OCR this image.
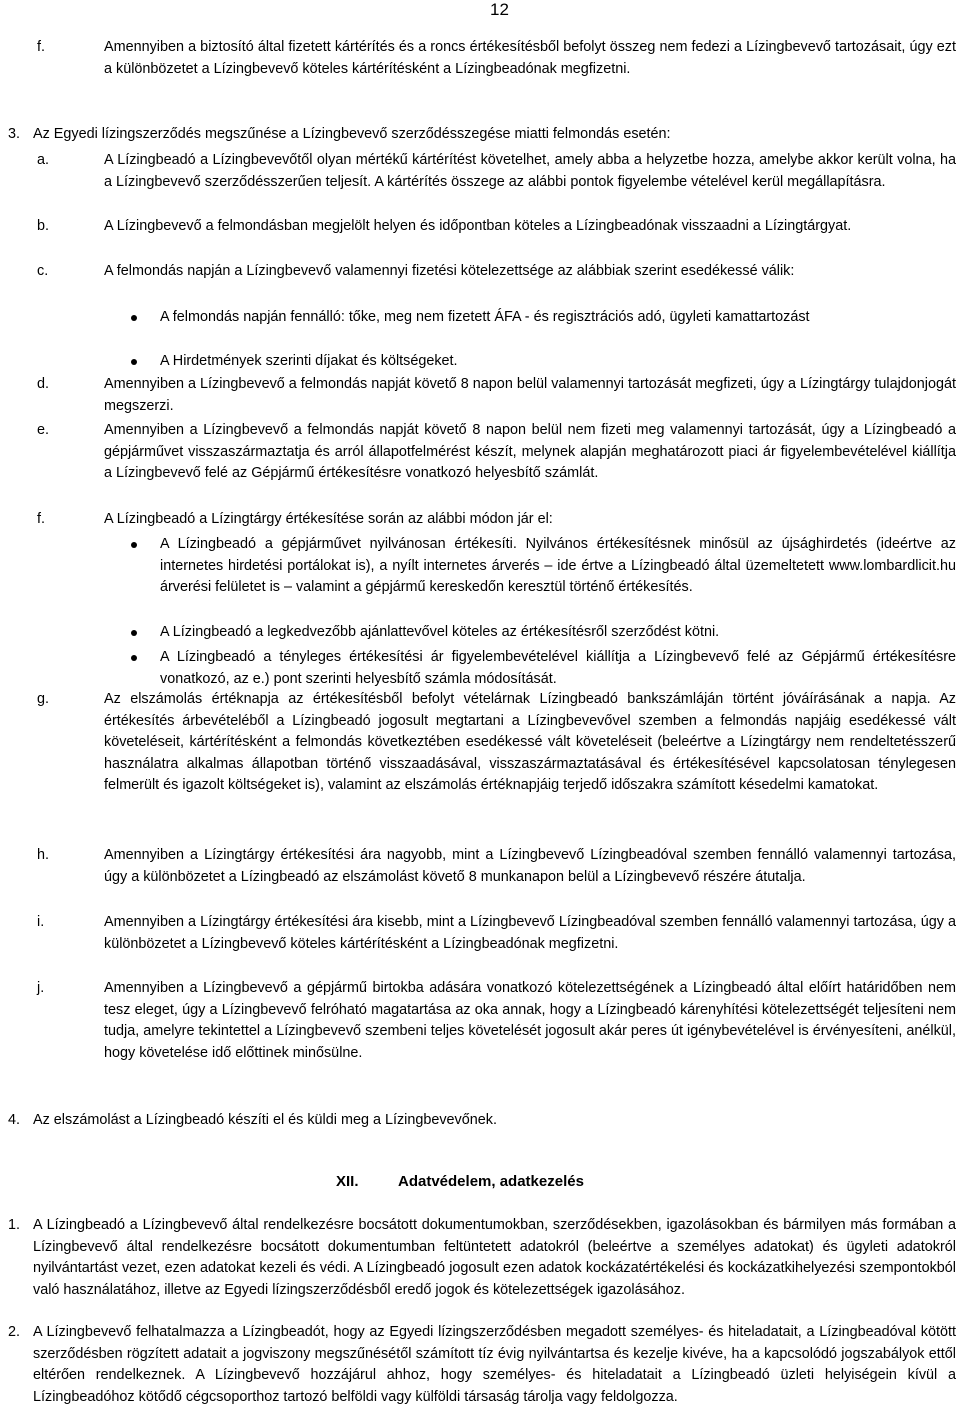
12
f.	Amennyiben a biztosító által fizetett kártérítés és a roncs értékesítésből befolyt összeg nem fedezi a Lízingbevevő tartozásait, úgy ezt a különbözetet a Lízingbevevő köteles kártérítésként a Lízingbeadónak megfizetni.
3. Az Egyedi lízingszerződés megszűnése a Lízingbevevő szerződésszegése miatti felmondás esetén:
a.	A Lízingbeadó a Lízingbevevőtől olyan mértékű kártérítést követelhet, amely abba a helyzetbe hozza, amelybe akkor került volna, ha a Lízingbevevő szerződésszerűen teljesít. A kártérítés összege az alábbi pontok figyelembe vételével kerül megállapításra.
b.	A Lízingbevevő a felmondásban megjelölt helyen és időpontban köteles a Lízingbeadónak visszaadni a Lízingtárgyat.
c.	A felmondás napján a Lízingbevevő valamennyi fizetési kötelezettsége az alábbiak szerint esedékessé válik:
A felmondás napján fennálló: tőke, meg nem fizetett ÁFA - és regisztrációs adó, ügyleti kamattartozást
A Hirdetmények szerinti díjakat és költségeket.
d.	Amennyiben a Lízingbevevő a felmondás napját követő 8 napon belül valamennyi tartozását megfizeti, úgy a Lízingtárgy tulajdonjogát megszerzi.
e.	Amennyiben a Lízingbevevő a felmondás napját követő 8 napon belül nem fizeti meg valamennyi tartozását, úgy a Lízingbeadó a gépjárművet visszaszármaztatja és arról állapotfelmérést készít, melynek alapján meghatározott piaci ár figyelembevételével kiállítja a Lízingbevevő felé az Gépjármű értékesítésre vonatkozó helyesbítő számlát.
f.	A Lízingbeadó a Lízingtárgy értékesítése során az alábbi módon jár el:
A Lízingbeadó a gépjárművet nyilvánosan értékesíti. Nyilvános értékesítésnek minősül az újsághirdetés (ideértve az internetes hirdetési portálokat is), a nyílt internetes árverés – ide értve a Lízingbeadó által üzemeltetett www.lombardlicit.hu árverési felületet is – valamint a gépjármű kereskedőn keresztül történő értékesítés.
A Lízingbeadó a legkedvezőbb ajánlattevővel köteles az értékesítésről szerződést kötni.
A Lízingbeadó a tényleges értékesítési ár figyelembevételével kiállítja a Lízingbevevő felé az Gépjármű értékesítésre vonatkozó, az e.) pont szerinti helyesbítő számla módosítását.
g.	Az elszámolás értéknapja az értékesítésből befolyt vételárnak Lízingbeadó bankszámláján történt jóváírásának a napja. Az értékesítés árbevételéből a Lízingbeadó jogosult megtartani a Lízingbevevővel szemben a felmondás napjáig esedékessé vált követeléseit, kártérítésként a felmondás következtében esedékessé vált követeléseit (beleértve a Lízingtárgy nem rendeltetésszerű használatra alkalmas állapotban történő visszaadásával, visszaszármaztatásával és értékesítésével kapcsolatosan ténylegesen felmerült és igazolt költségeket is), valamint az elszámolás értéknapjáig terjedő időszakra számított késedelmi kamatokat.
h.	Amennyiben a Lízingtárgy értékesítési ára nagyobb, mint a Lízingbevevő Lízingbeadóval szemben fennálló valamennyi tartozása, úgy a különbözetet a Lízingbeadó az elszámolást követő 8 munkanapon belül a Lízingbevevő részére átutalja.
i.	Amennyiben a Lízingtárgy értékesítési ára kisebb, mint a Lízingbevevő Lízingbeadóval szemben fennálló valamennyi tartozása, úgy a különbözetet a Lízingbevevő köteles kártérítésként a Lízingbeadónak megfizetni.
j.	Amennyiben a Lízingbevevő a gépjármű birtokba adására vonatkozó kötelezettségének a Lízingbeadó által előírt határidőben nem tesz eleget, úgy a Lízingbevevő felróható magatartása az oka annak, hogy a Lízingbeadó kárenyhítési kötelezettségét teljesíteni nem tudja, amelyre tekintettel a Lízingbevevő szembeni teljes követelését jogosult akár peres út igénybevételével is érvényesíteni, anélkül, hogy követelése idő előttinek minősülne.
4. Az elszámolást a Lízingbeadó készíti el és küldi meg a Lízingbevevőnek.
XII.	Adatvédelem, adatkezelés
1. A Lízingbeadó a Lízingbevevő által rendelkezésre bocsátott dokumentumokban, szerződésekben, igazolásokban és bármilyen más formában a Lízingbevevő által rendelkezésre bocsátott dokumentumban feltüntetett adatokról (beleértve a személyes adatokat) és ügyleti adatokról nyilvántartást vezet, ezen adatokat kezeli és védi. A Lízingbeadó jogosult ezen adatok kockázatértékelési és kockázatkihelyezési szempontokból való használatához, illetve az Egyedi lízingszerződésből eredő jogok és kötelezettségek igazolásához.
2. A Lízingbevevő felhatalmazza a Lízingbeadót, hogy az Egyedi lízingszerződésben megadott személyes- és hiteladatait, a Lízingbeadóval kötött szerződésben rögzített adatait a jogviszony megszűnésétől számított tíz évig nyilvántartsa és kezelje kivéve, ha a kapcsolódó jogszabályok ettől eltérően rendelkeznek. A Lízingbevevő hozzájárul ahhoz, hogy személyes- és hiteladatait a Lízingbeadó üzleti helyiségein kívül a Lízingbeadóhoz kötődő cégcsoporthoz tartozó belföldi vagy külföldi társaság tárolja vagy feldolgozza.
